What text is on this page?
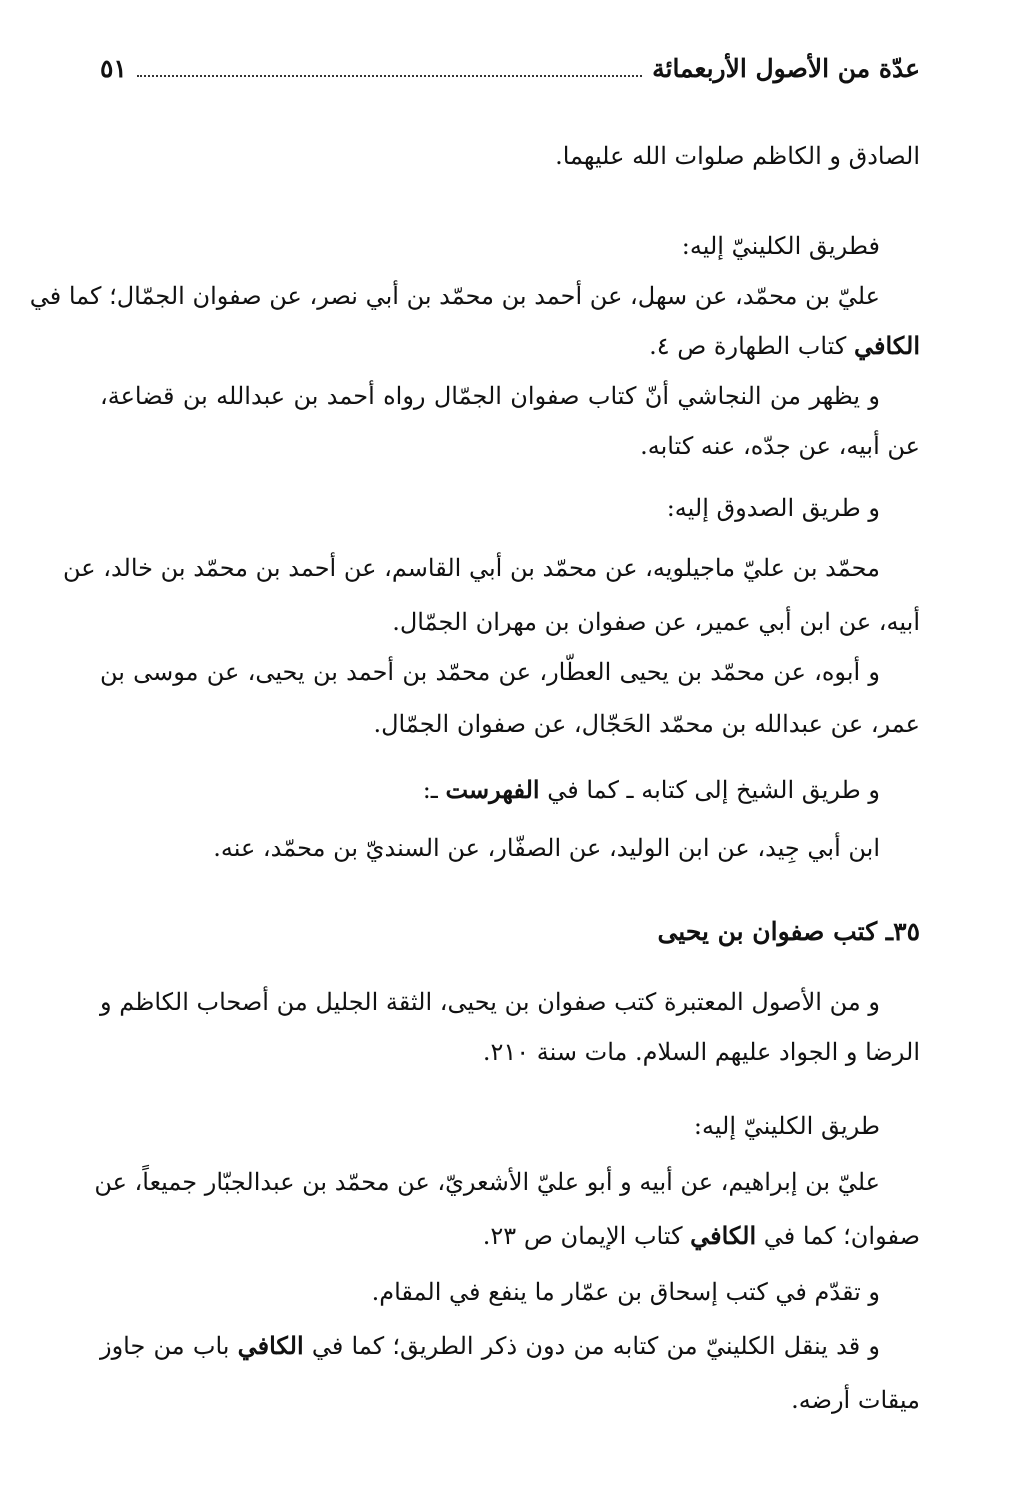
عدّة من الأصول الأربعمائة
٥١
الصادق و الكاظم صلوات الله عليهما.
فطريق الكلينيّ إليه:
عليّ بن محمّد، عن سهل، عن أحمد بن محمّد بن أبي نصر، عن صفوان الجمّال؛ كما في
الكافي كتاب الطهارة ص ٤.
و يظهر من النجاشي أنّ كتاب صفوان الجمّال رواه أحمد بن عبدالله بن قضاعة،
عن أبيه، عن جدّه، عنه كتابه.
و طريق الصدوق إليه:
محمّد بن عليّ ماجيلويه، عن محمّد بن أبي القاسم، عن أحمد بن محمّد بن خالد، عن
أبيه، عن ابن أبي عمير، عن صفوان بن مهران الجمّال.
و أبوه، عن محمّد بن يحيى العطّار، عن محمّد بن أحمد بن يحيى، عن موسى بن
عمر، عن عبدالله بن محمّد الحَجّال، عن صفوان الجمّال.
و طريق الشيخ إلى كتابه ـ كما في الفهرست ـ:
ابن أبي جِيد، عن ابن الوليد، عن الصفّار، عن السنديّ بن محمّد، عنه.
٣٥ـ كتب صفوان بن يحيى
و من الأصول المعتبرة كتب صفوان بن يحيى، الثقة الجليل من أصحاب الكاظم و
الرضا و الجواد عليهم السلام. مات سنة ٢١٠.
طريق الكلينيّ إليه:
عليّ بن إبراهيم، عن أبيه و أبو عليّ الأشعريّ، عن محمّد بن عبدالجبّار جميعاً، عن
صفوان؛ كما في الكافي كتاب الإيمان ص ٢٣.
و تقدّم في كتب إسحاق بن عمّار ما ينفع في المقام.
و قد ينقل الكلينيّ من كتابه من دون ذكر الطريق؛ كما في الكافي باب من جاوز
ميقات أرضه.
